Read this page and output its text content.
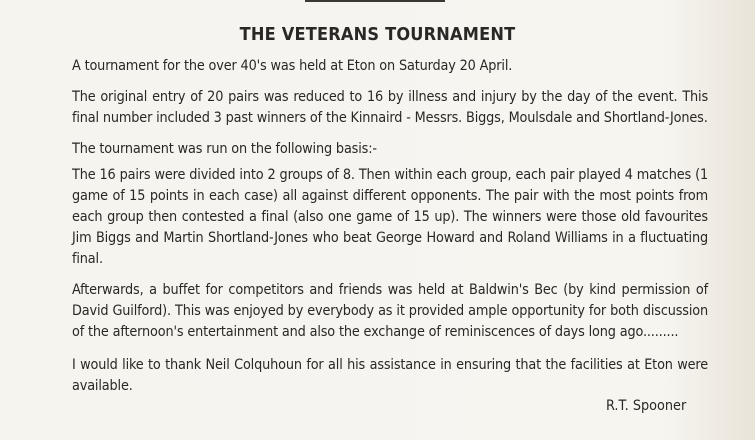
THE VETERANS TOURNAMENT

A tournament for the over 40's was held at Eton on Saturday 20 April.

The original entry of 20 pairs was reduced to 16 by illness and injury by the day of the event. This final number included 3 past winners of the Kinnaird - Messrs. Biggs, Moulsdale and Shortland-Jones.

The tournament was run on the following basis:-

The 16 pairs were divided into 2 groups of 8. Then within each group, each pair played 4 matches (1 game of 15 points in each case) all against different opponents. The pair with the most points from each group then contested a final (also one game of 15 up). The winners were those old favourites Jim Biggs and Martin Shortland-Jones who beat George Howard and Roland Williams in a fluctuating final.

Afterwards, a buffet for competitors and friends was held at Baldwin's Bec (by kind permission of David Guilford). This was enjoyed by everybody as it provided ample opportunity for both discussion of the afternoon's entertainment and also the exchange of reminiscences of days long ago.........

I would like to thank Neil Colquhoun for all his assistance in ensuring that the facilities at Eton were available.

R.T. Spooner
